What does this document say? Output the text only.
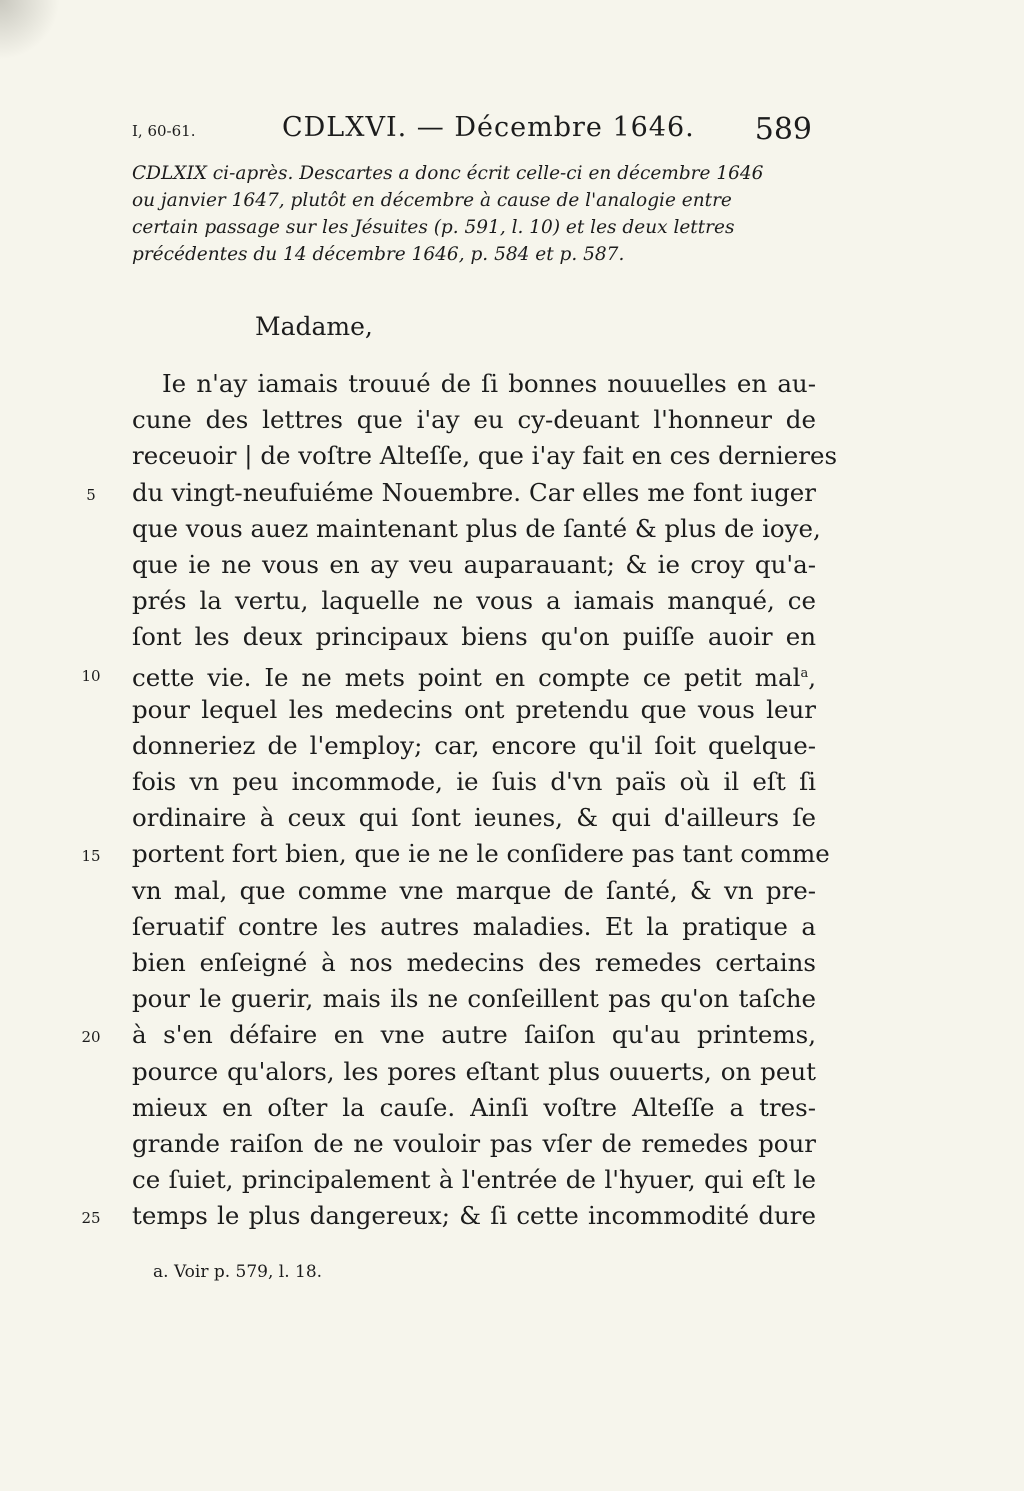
I, 60-61.	CDLXVI. — Décembre 1646. 589

CDLXIX ci-après. Descartes a donc écrit celle-ci en décembre 1646

ou janvier 1647, plutôt en décembre à cause de l'analogie entre

certain passage sur les Jésuites (p. 591, l. 10) et les deux lettres

précédentes du 14 décembre 1646, p. 584 et p. 587.

Madame,
Ie n'ay iamais trouué de ſi bonnes nouuelles en au-
cune des lettres que i'ay eu cy-deuant l'honneur de
receuoir | de voſtre Alteſſe, que i'ay fait en ces dernieres
5	du vingt-neufuiéme Nouembre. Car elles me font iuger
que vous auez maintenant plus de ſanté & plus de ioye,
que ie ne vous en ay veu auparauant; & ie croy qu'a-
prés la vertu, laquelle ne vous a iamais manqué, ce
ſont les deux principaux biens qu'on puiſſe auoir en
10 cette vie. Ie ne mets point en compte ce petit mal$^a$,
pour lequel les medecins ont pretendu que vous leur
donneriez de l'employ; car, encore qu'il ſoit quelque-
fois vn peu incommode, ie ſuis d'vn païs où il eſt ſi
ordinaire à ceux qui ſont ieunes, & qui d'ailleurs ſe
15 portent fort bien, que ie ne le conſidere pas tant comme
vn mal, que comme vne marque de ſanté, & vn pre-
ſeruatif contre les autres maladies. Et la pratique a
bien enſeigné à nos medecins des remedes certains
pour le guerir, mais ils ne conſeillent pas qu'on taſche
20 à s'en défaire en vne autre ſaiſon qu'au printems,
pource qu'alors, les pores eſtant plus ouuerts, on peut
mieux en oſter la cauſe. Ainſi voſtre Alteſſe a tres-
grande raiſon de ne vouloir pas vſer de remedes pour
ce ſuiet, principalement à l'entrée de l'hyuer, qui eſt le
25 temps le plus dangereux; & ſi cette incommodité dure
a. Voir p. 579, l. 18.
